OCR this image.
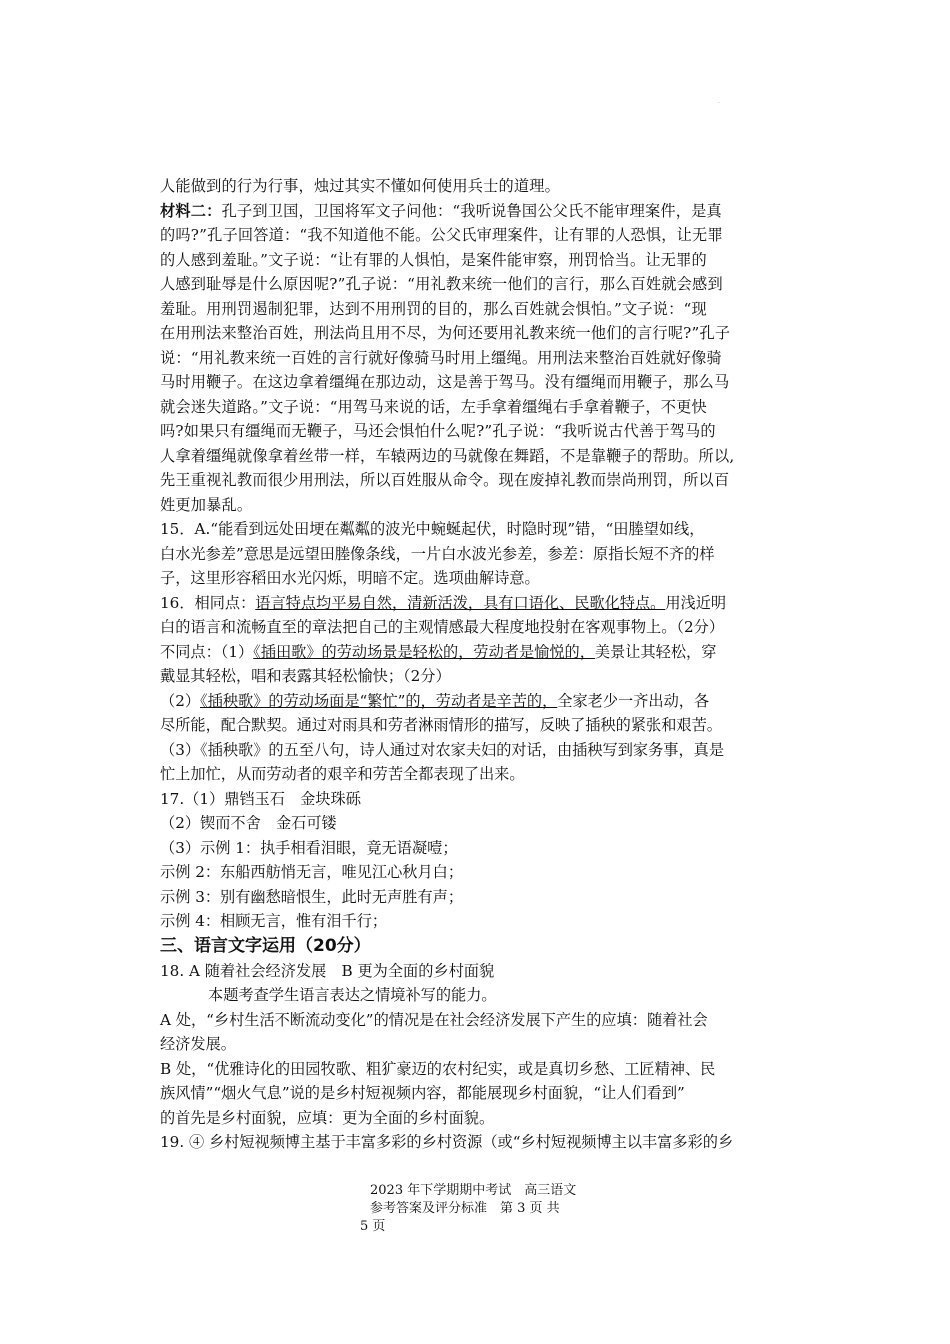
·
人能做到的行为行事，烛过其实不懂如何使用兵士的道理。
材料二：孔子到卫国，卫国将军文子问他：“我听说鲁国公父氏不能审理案件，是真
的吗?”孔子回答道：“我不知道他不能。公父氏审理案件，让有罪的人恐惧，让无罪
的人感到羞耻。”文子说：“让有罪的人惧怕，是案件能审察，刑罚恰当。让无罪的
人感到耻辱是什么原因呢?”孔子说：“用礼教来统一他们的言行，那么百姓就会感到
羞耻。用刑罚遏制犯罪，达到不用刑罚的目的，那么百姓就会惧怕。”文子说：“现
在用刑法来整治百姓，刑法尚且用不尽，为何还要用礼教来统一他们的言行呢?”孔子
说：“用礼教来统一百姓的言行就好像骑马时用上缰绳。用刑法来整治百姓就好像骑
马时用鞭子。在这边拿着缰绳在那边动，这是善于驾马。没有缰绳而用鞭子，那么马
就会迷失道路。”文子说：“用驾马来说的话，左手拿着缰绳右手拿着鞭子，不更快
吗?如果只有缰绳而无鞭子，马还会惧怕什么呢?”孔子说：“我听说古代善于驾马的
人拿着缰绳就像拿着丝带一样，车辕两边的马就像在舞蹈，不是靠鞭子的帮助。所以,
先王重视礼教而很少用刑法，所以百姓服从命令。现在废掉礼教而崇尚刑罚，所以百
姓更加暴乱。
15．A.“能看到远处田埂在粼粼的波光中蜿蜒起伏，时隐时现”错，“田塍望如线，
白水光参差”意思是远望田塍像条线，一片白水波光参差，参差：原指长短不齐的样
子，这里形容稻田水光闪烁，明暗不定。选项曲解诗意。
16．相同点：语言特点均平易自然，清新活泼，具有口语化、民歌化特点。用浅近明
白的语言和流畅直至的章法把自己的主观情感最大程度地投射在客观事物上。（2分）
不同点：（1）《插田歌》的劳动场景是轻松的，劳动者是愉悦的，美景让其轻松，穿
戴显其轻松，唱和表露其轻松愉快；（2分）
（2）《插秧歌》的劳动场面是“繁忙”的，劳动者是辛苦的，全家老少一齐出动，各
尽所能，配合默契。通过对雨具和劳者淋雨情形的描写，反映了插秧的紧张和艰苦。
（3）《插秧歌》的五至八句，诗人通过对农家夫妇的对话，由插秧写到家务事，真是
忙上加忙，从而劳动者的艰辛和劳苦全都表现了出来。
17.（1）鼎铛玉石　金块珠砾
（2）锲而不舍　金石可镂
（3）示例 1：执手相看泪眼，竟无语凝噎；
示例 2：东船西舫悄无言，唯见江心秋月白；
示例 3：别有幽愁暗恨生，此时无声胜有声；
示例 4：相顾无言，惟有泪千行；
三、语言文字运用（20分）
18. A 随着社会经济发展　B 更为全面的乡村面貌
本题考查学生语言表达之情境补写的能力。
A 处，“乡村生活不断流动变化”的情况是在社会经济发展下产生的应填：随着社会
经济发展。
B 处，“优雅诗化的田园牧歌、粗犷豪迈的农村纪实，或是真切乡愁、工匠精神、民
族风情”“烟火气息”说的是乡村短视频内容，都能展现乡村面貌，“让人们看到”
的首先是乡村面貌，应填：更为全面的乡村面貌。
19. ④ 乡村短视频博主基于丰富多彩的乡村资源（或“乡村短视频博主以丰富多彩的乡
2023 年下学期期中考试　高三语文
参考答案及评分标准　第 3 页 共
5 页
